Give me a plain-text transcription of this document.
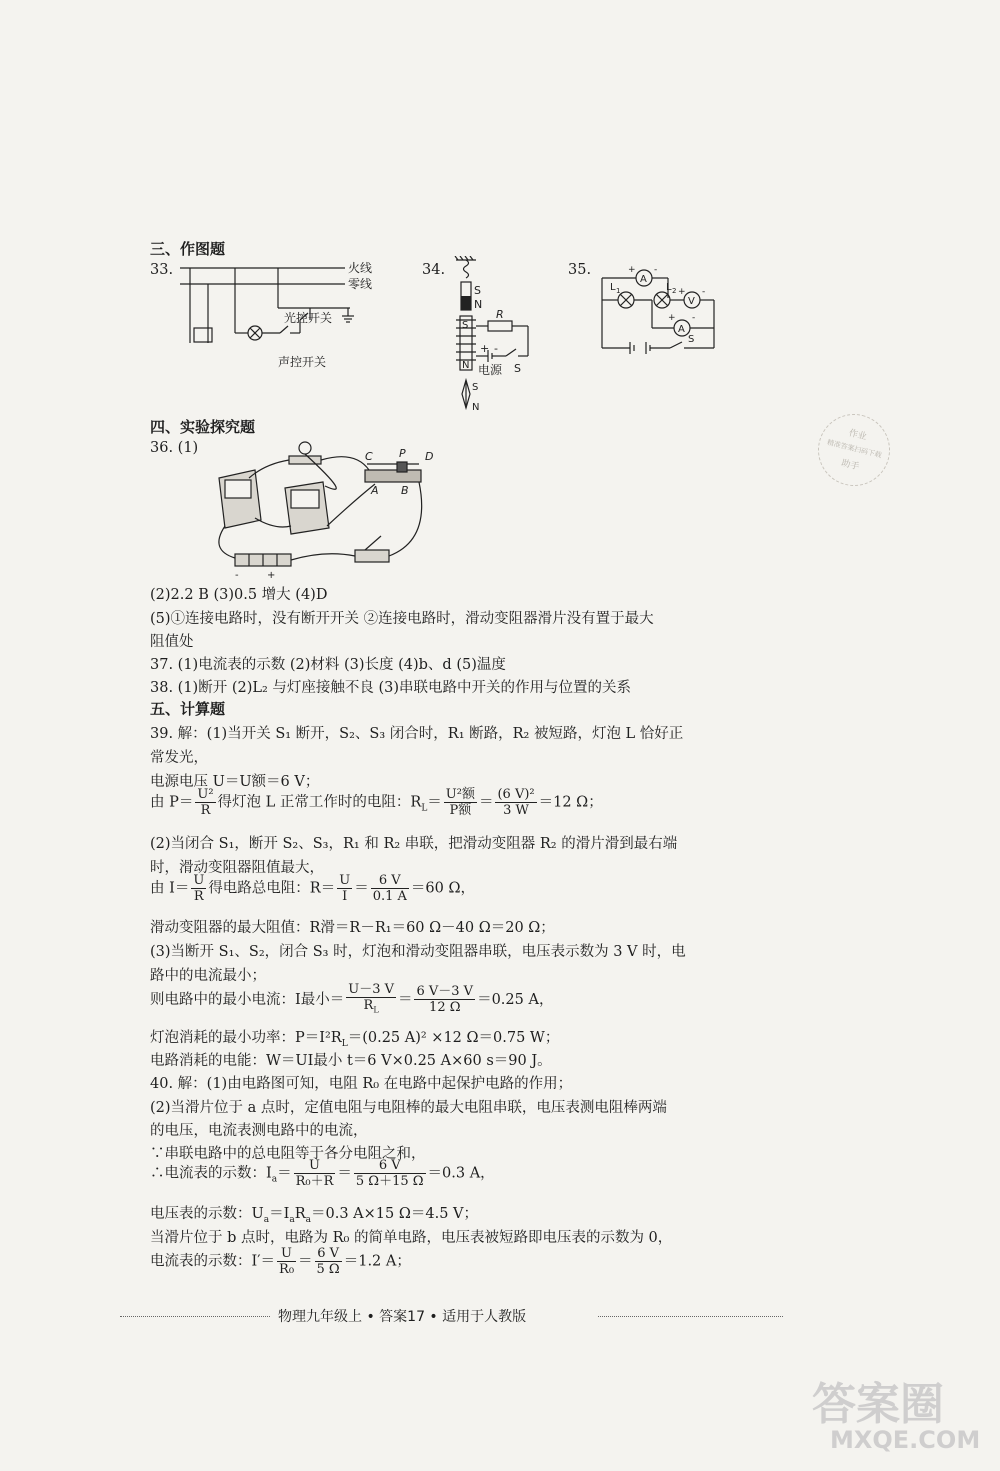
三、作图题
33.	火线
零线
光控开关
声控开关
34.
S
N
S
N
R
+ -
电源 S
S
N
35.
A
+ -
L 1	L 2
V
+ -
A
+ -
S
作业
精准答案扫码下载
助手
四、实验探究题
36. (1)
C P D
A B
-	+
(2)2.2 B (3)0.5 增大 (4)D
(5)①连接电路时，没有断开开关 ②连接电路时，滑动变阻器滑片没有置于最大
阻值处
37. (1)电流表的示数 (2)材料 (3)长度 (4)b、d (5)温度
38. (1)断开 (2)L₂ 与灯座接触不良 (3)串联电路中开关的作用与位置的关系
五、计算题
39. 解：(1)当开关 S₁ 断开，S₂、S₃ 闭合时，R₁ 断路，R₂ 被短路，灯泡 L 恰好正
常发光，
电源电压 U＝U额＝6 V；
由 $P= \frac{\text{U²}}{R}$ 得灯泡 L 正常工作时的电阻：$R_L= \frac{\text{U²额}}{\text{P额}} = \frac{\text{(6 V)²}}{3 W} =12$ Ω；
(2)当闭合 S₁，断开 S₂、S₃，R₁ 和 R₂ 串联，把滑动变阻器 R₂ 的滑片滑到最右端
时，滑动变阻器阻值最大，
由 $I= \frac{U}{R}$ 得电路总电阻：$R= \frac{U}{I} = \frac{6 V}{0.1 A} =60$ Ω，
滑动变阻器的最大阻值：R滑＝R－R₁＝60 Ω－40 Ω＝20 Ω；
(3)当断开 S₁、S₂，闭合 S₃ 时，灯泡和滑动变阻器串联，电压表示数为 3 V 时，电
路中的电流最小；
则电路中的最小电流：I最小＝ $\frac{U-3 V}{R_L} = \frac{6 V-3 V}{12 \Omega} =0.25$ A，
灯泡消耗的最小功率：$P=I^2R_L=(0.25$ A)² ×12 Ω＝0.75 W；
电路消耗的电能：W＝UI最小 t＝6 V×0.25 A×60 s＝90 J。
40. 解：(1)由电路图可知，电阻 R₀ 在电路中起保护电路的作用；
(2)当滑片位于 a 点时，定值电阻与电阻棒的最大电阻串联，电压表测电阻棒两端
的电压，电流表测电路中的电流，
∵串联电路中的总电阻等于各分电阻之和，
∴电流表的示数：$I_a= \frac{U}{\text{R₀＋R}} = \frac{6 V}{5 \Omega+15 \Omega} =0.3$ A，
电压表的示数：$U_a=I_aR_a=0.3$ A×15 Ω＝4.5 V；
当滑片位于 b 点时，电路为 R₀ 的简单电路，电压表被短路即电压表的示数为 0，
电流表的示数：$I'= \frac{U}{\text{R₀}} = \frac{6 V}{5 \Omega} =1.2$ A；
物理九年级上 • 答案17 • 适用于人教版
答案圈
MXQE.COM
